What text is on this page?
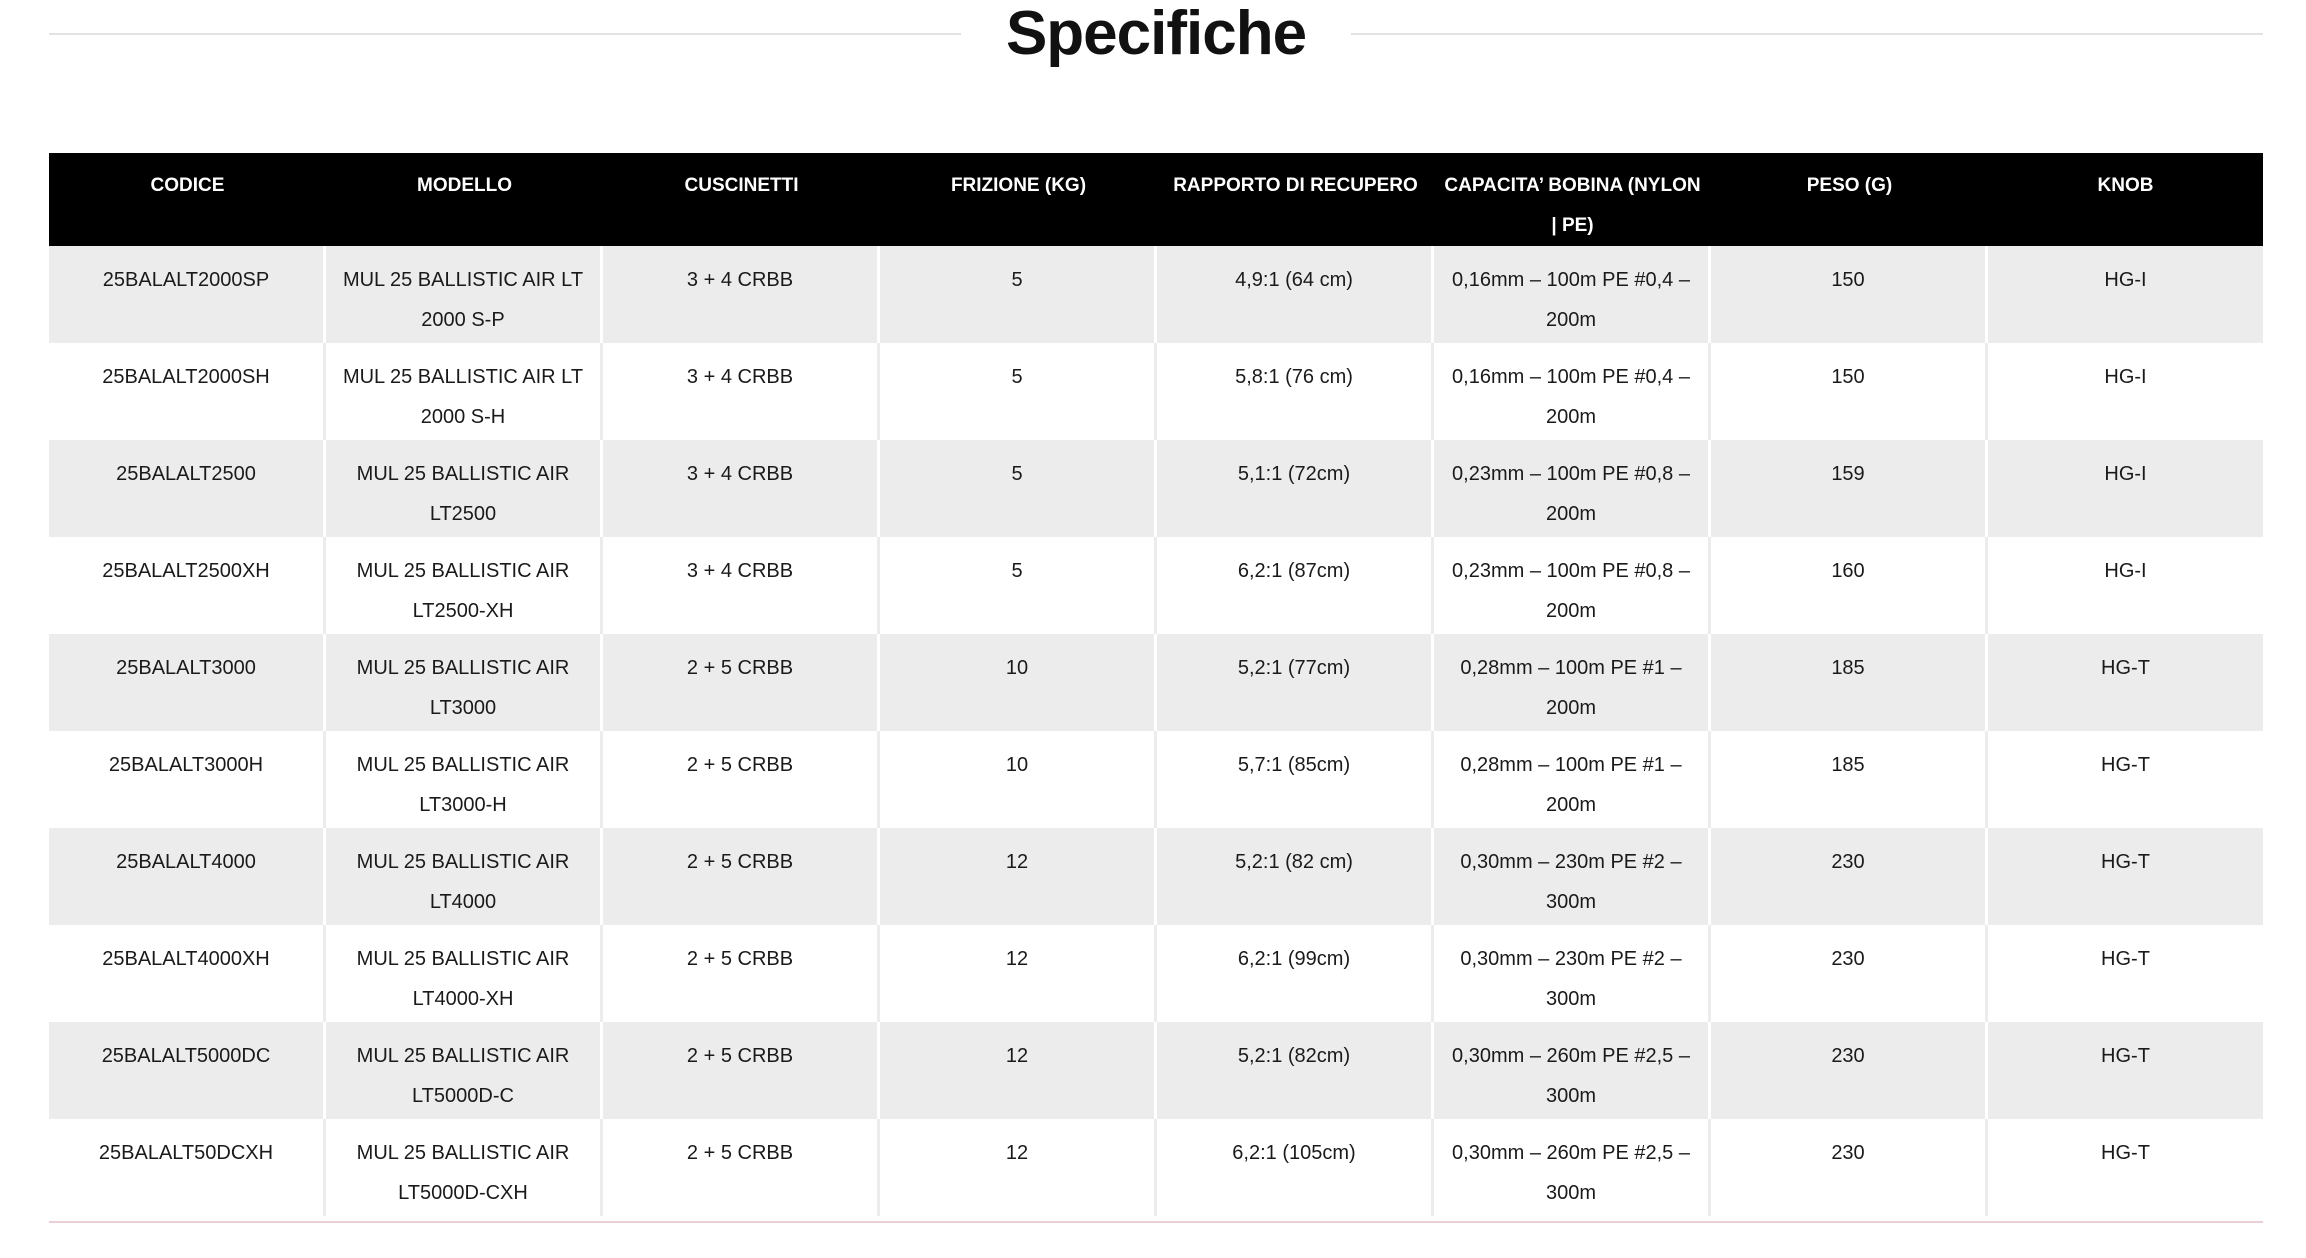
Specifiche
CODICE	MODELLO	CUSCINETTI	FRIZIONE (KG)	RAPPORTO DI RECUPERO	CAPACITA’ BOBINA (NYLON | PE)	PESO (G)	KNOB
25BALALT2000SP	MUL 25 BALLISTIC AIR LT 2000 S-P	3 + 4 CRBB	5	4,9:1 (64 cm)	0,16mm – 100m PE #0,4 – 200m	150	HG-I
25BALALT2000SH	MUL 25 BALLISTIC AIR LT 2000 S-H	3 + 4 CRBB	5	5,8:1 (76 cm)	0,16mm – 100m PE #0,4 – 200m	150	HG-I
25BALALT2500	MUL 25 BALLISTIC AIR LT2500	3 + 4 CRBB	5	5,1:1 (72cm)	0,23mm – 100m PE #0,8 – 200m	159	HG-I
25BALALT2500XH	MUL 25 BALLISTIC AIR LT2500-XH	3 + 4 CRBB	5	6,2:1 (87cm)	0,23mm – 100m PE #0,8 – 200m	160	HG-I
25BALALT3000	MUL 25 BALLISTIC AIR LT3000	2 + 5 CRBB	10	5,2:1 (77cm)	0,28mm – 100m PE #1 – 200m	185	HG-T
25BALALT3000H	MUL 25 BALLISTIC AIR LT3000-H	2 + 5 CRBB	10	5,7:1 (85cm)	0,28mm – 100m PE #1 – 200m	185	HG-T
25BALALT4000	MUL 25 BALLISTIC AIR LT4000	2 + 5 CRBB	12	5,2:1 (82 cm)	0,30mm – 230m PE #2 – 300m	230	HG-T
25BALALT4000XH	MUL 25 BALLISTIC AIR LT4000-XH	2 + 5 CRBB	12	6,2:1 (99cm)	0,30mm – 230m PE #2 – 300m	230	HG-T
25BALALT5000DC	MUL 25 BALLISTIC AIR LT5000D-C	2 + 5 CRBB	12	5,2:1 (82cm)	0,30mm – 260m PE #2,5 – 300m	230	HG-T
25BALALT50DCXH	MUL 25 BALLISTIC AIR LT5000D-CXH	2 + 5 CRBB	12	6,2:1 (105cm)	0,30mm – 260m PE #2,5 – 300m	230	HG-T
